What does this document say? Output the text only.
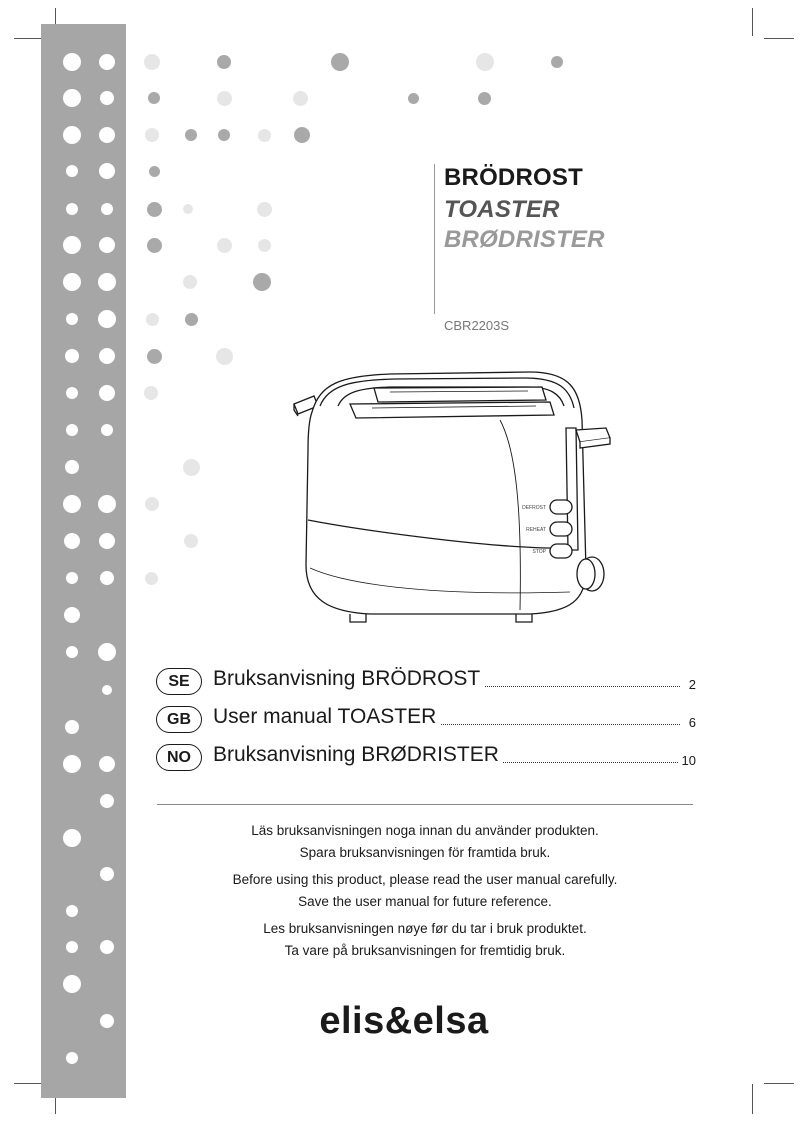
BRÖDROST
TOASTER
BRØDRISTER
CBR2203S
DEFROST
REHEAT
STOP
SE	Bruksanvisning BRÖDROST	2
GB	User manual TOASTER	6
NO	Bruksanvisning BRØDRISTER	10
Läs bruksanvisningen noga innan du använder produkten.
Spara bruksanvisningen för framtida bruk.
Before using this product, please read the user manual carefully.
Save the user manual for future reference.
Les bruksanvisningen nøye før du tar i bruk produktet.
Ta vare på bruksanvisningen for fremtidig bruk.
elis&elsa
